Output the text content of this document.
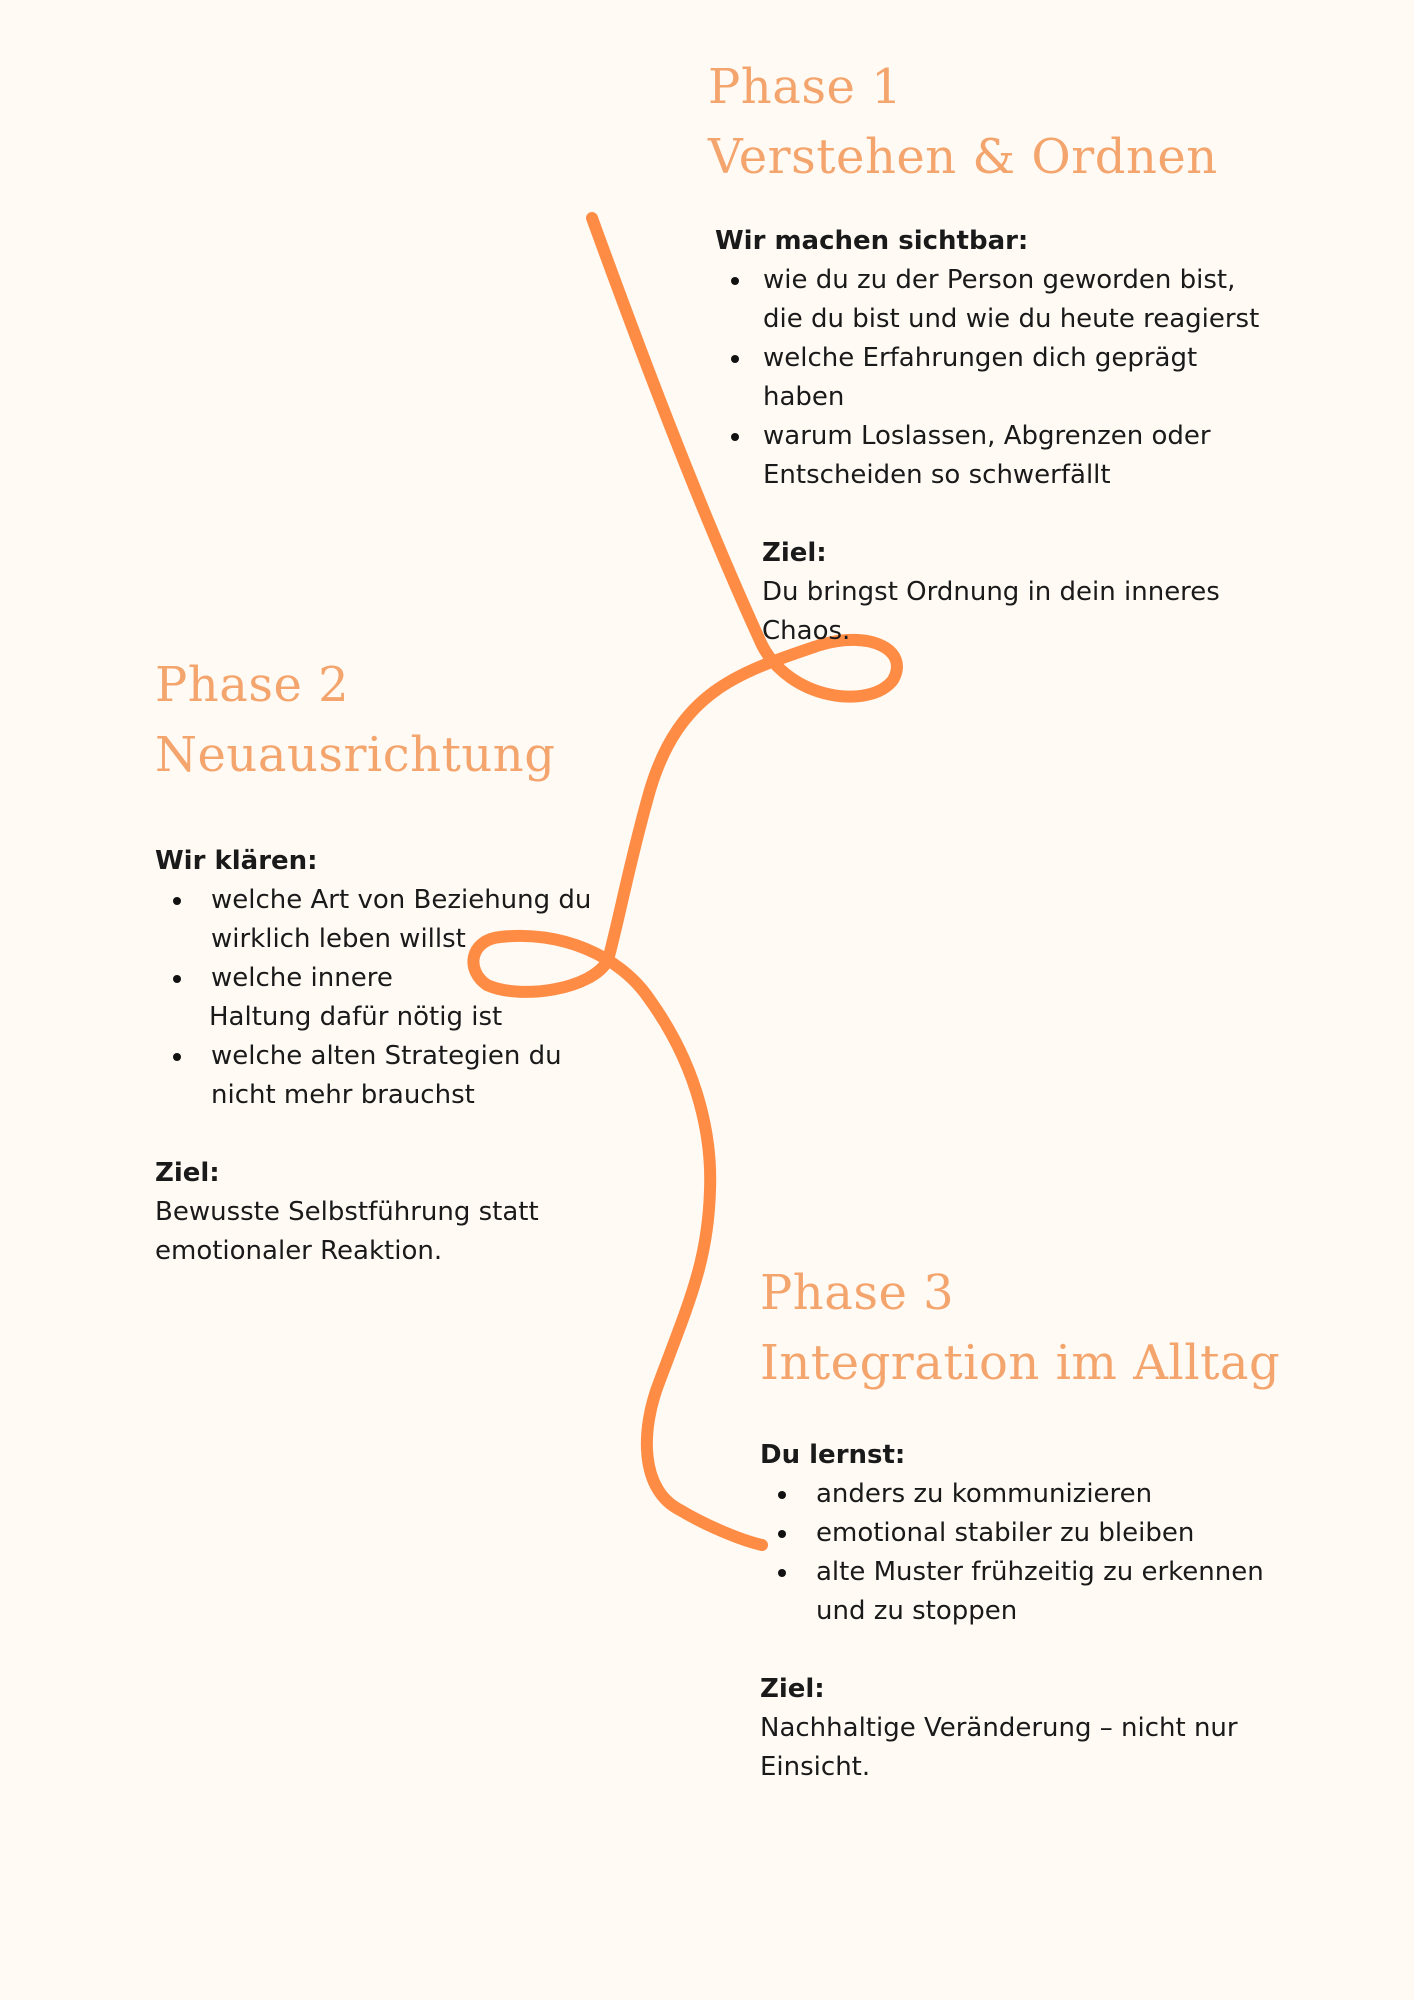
Phase 1
Verstehen & Ordnen
Wir machen sichtbar:
wie du zu der Person geworden bist,
die du bist und wie du heute reagierst
welche Erfahrungen dich geprägt
haben
warum Loslassen, Abgrenzen oder
Entscheiden so schwerfällt
Ziel:
Du bringst Ordnung in dein inneres
Chaos.
Phase 2
Neuausrichtung
Wir klären:
welche Art von Beziehung du
wirklich leben willst
welche innere
Haltung dafür nötig ist
welche alten Strategien du
nicht mehr brauchst
Ziel:
Bewusste Selbstführung statt
emotionaler Reaktion.
Phase 3
Integration im Alltag
Du lernst:
anders zu kommunizieren
emotional stabiler zu bleiben
alte Muster frühzeitig zu erkennen
und zu stoppen
Ziel:
Nachhaltige Veränderung – nicht nur
Einsicht.
